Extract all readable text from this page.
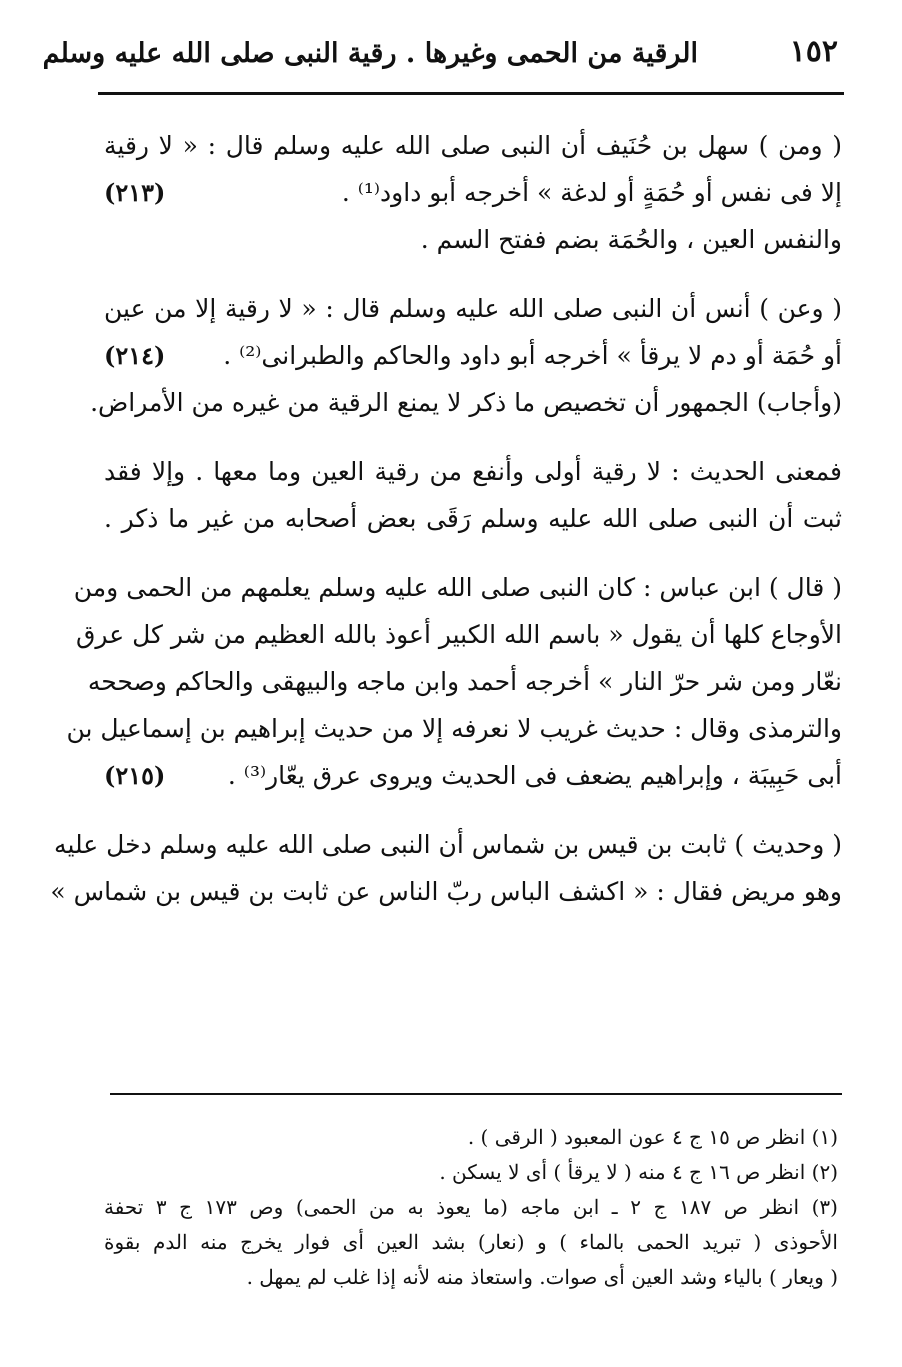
١٥٢
الرقية من الحمى وغيرها . رقية النبى صلى الله عليه وسلم
( ومن ) سهل بن حُنَيف أن النبى صلى الله عليه وسلم قال : « لا رقية
إلا فى نفس أو حُمَةٍ أو لدغة » أخرجه أبو داود⁽¹⁾ .
(٢١٣)
والنفس العين ، والحُمَة بضم ففتح السم .
( وعن ) أنس أن النبى صلى الله عليه وسلم قال : « لا رقية إلا من عين
أو حُمَة أو دم لا يرقأ » أخرجه أبو داود والحاكم والطبرانى⁽²⁾ .
(٢١٤)
(وأجاب) الجمهور أن تخصيص ما ذكر لا يمنع الرقية من غيره من الأمراض.
فمعنى الحديث : لا رقية أولى وأنفع من رقية العين وما معها . وإلا فقد
ثبت أن النبى صلى الله عليه وسلم رَقَى بعض أصحابه من غير ما ذكر .
( قال ) ابن عباس : كان النبى صلى الله عليه وسلم يعلمهم من الحمى ومن
الأوجاع كلها أن يقول « باسم الله الكبير أعوذ بالله العظيم من شر كل عرق
نعّار ومن شر حرّ النار » أخرجه أحمد وابن ماجه والبيهقى والحاكم وصححه
والترمذى وقال : حديث غريب لا نعرفه إلا من حديث إبراهيم بن إسماعيل بن
أبى حَبِيبَة ، وإبراهيم يضعف فى الحديث ويروى عرق يعّار⁽³⁾ .
(٢١٥)
( وحديث ) ثابت بن قيس بن شماس أن النبى صلى الله عليه وسلم دخل عليه
وهو مريض فقال : « اكشف الباس ربّ الناس عن ثابت بن قيس بن شماس »
(١) انظر ص ١٥ ج ٤ عون المعبود ( الرقى ) .
(٢) انظر ص ١٦ ج ٤ منه ( لا يرقأ ) أى لا يسكن .
(٣) انظر ص ١٨٧ ج ٢ ـ ابن ماجه (ما يعوذ به من الحمى) وص ١٧٣ ج ٣ تحفة
الأحوذى ( تبريد الحمى بالماء ) و (نعار) بشد العين أى فوار يخرج منه الدم بقوة
( ويعار ) بالياء وشد العين أى صوات. واستعاذ منه لأنه إذا غلب لم يمهل .
